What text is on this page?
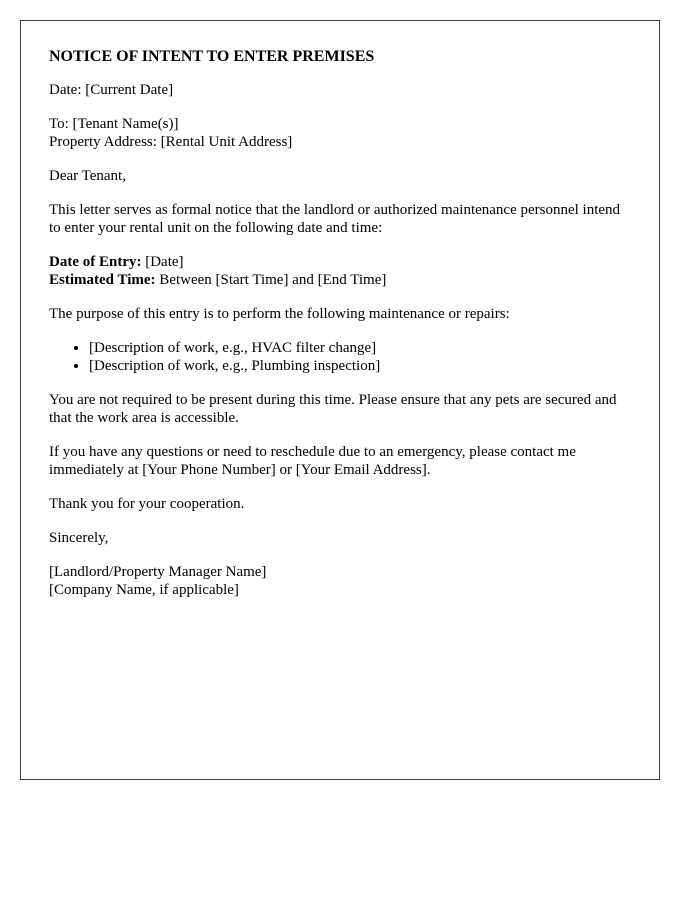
NOTICE OF INTENT TO ENTER PREMISES

Date: [Current Date]

To: [Tenant Name(s)]
Property Address: [Rental Unit Address]

Dear Tenant,

This letter serves as formal notice that the landlord or authorized maintenance personnel intend to enter your rental unit on the following date and time:

Date of Entry: [Date]
Estimated Time: Between [Start Time] and [End Time]

The purpose of this entry is to perform the following maintenance or repairs:

• [Description of work, e.g., HVAC filter change]
• [Description of work, e.g., Plumbing inspection]

You are not required to be present during this time. Please ensure that any pets are secured and that the work area is accessible.

If you have any questions or need to reschedule due to an emergency, please contact me immediately at [Your Phone Number] or [Your Email Address].

Thank you for your cooperation.

Sincerely,

[Landlord/Property Manager Name]
[Company Name, if applicable]
